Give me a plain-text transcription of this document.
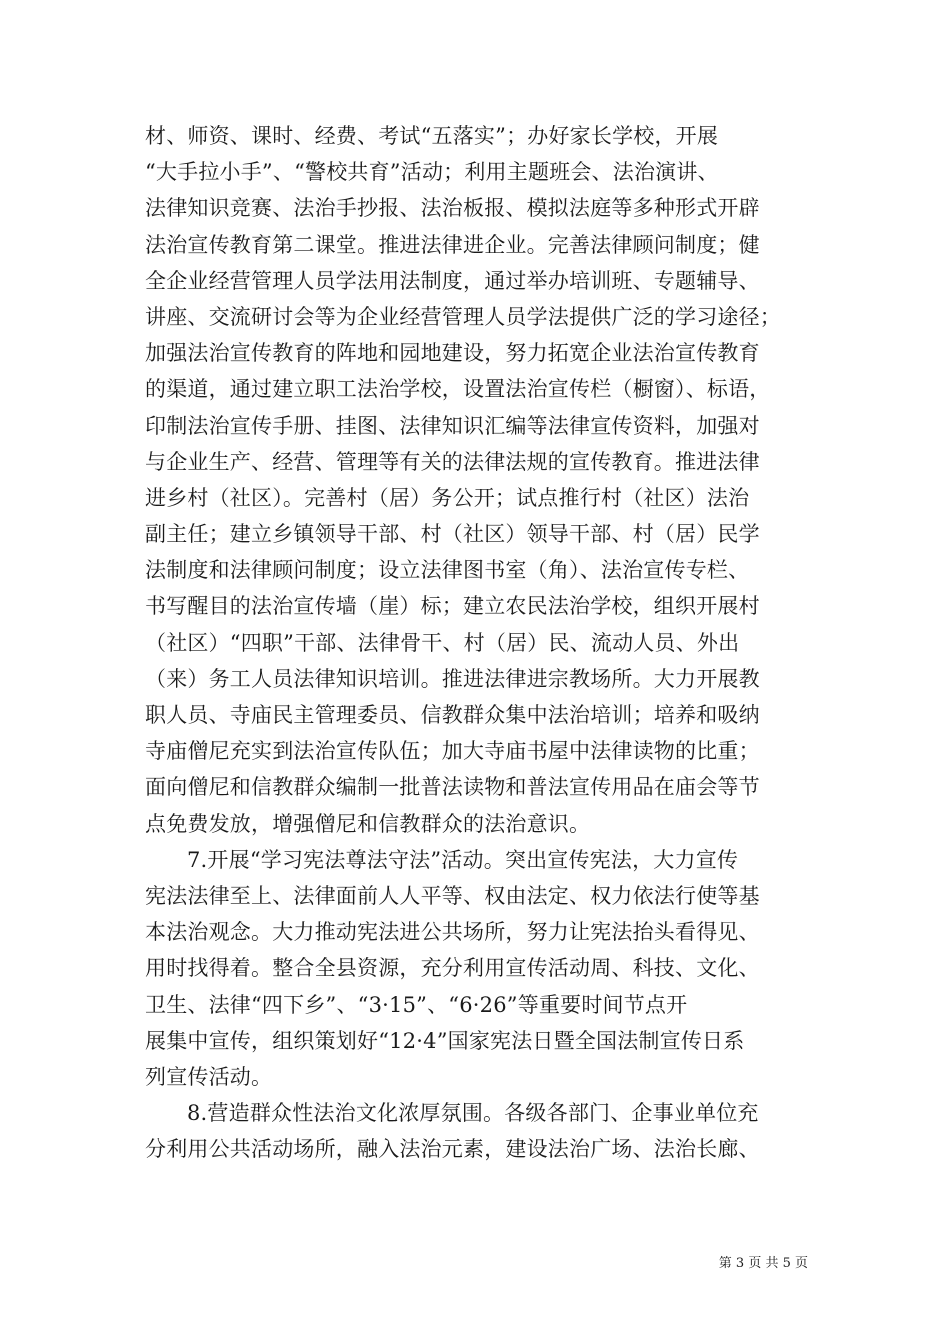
材、师资、课时、经费、考试“五落实”；办好家长学校，开展
“大手拉小手”、“警校共育”活动；利用主题班会、法治演讲、
法律知识竞赛、法治手抄报、法治板报、模拟法庭等多种形式开辟
法治宣传教育第二课堂。推进法律进企业。完善法律顾问制度；健
全企业经营管理人员学法用法制度，通过举办培训班、专题辅导、
讲座、交流研讨会等为企业经营管理人员学法提供广泛的学习途径；
加强法治宣传教育的阵地和园地建设，努力拓宽企业法治宣传教育
的渠道，通过建立职工法治学校，设置法治宣传栏（橱窗）、标语，
印制法治宣传手册、挂图、法律知识汇编等法律宣传资料，加强对
与企业生产、经营、管理等有关的法律法规的宣传教育。推进法律
进乡村（社区）。完善村（居）务公开；试点推行村（社区）法治
副主任；建立乡镇领导干部、村（社区）领导干部、村（居）民学
法制度和法律顾问制度；设立法律图书室（角）、法治宣传专栏、
书写醒目的法治宣传墙（崖）标；建立农民法治学校，组织开展村
（社区）“四职”干部、法律骨干、村（居）民、流动人员、外出
（来）务工人员法律知识培训。推进法律进宗教场所。大力开展教
职人员、寺庙民主管理委员、信教群众集中法治培训；培养和吸纳
寺庙僧尼充实到法治宣传队伍；加大寺庙书屋中法律读物的比重；
面向僧尼和信教群众编制一批普法读物和普法宣传用品在庙会等节
点免费发放，增强僧尼和信教群众的法治意识。
7.开展“学习宪法尊法守法”活动。突出宣传宪法，大力宣传
宪法法律至上、法律面前人人平等、权由法定、权力依法行使等基
本法治观念。大力推动宪法进公共场所，努力让宪法抬头看得见、
用时找得着。整合全县资源，充分利用宣传活动周、科技、文化、
卫生、法律“四下乡”、“3·15”、“6·26”等重要时间节点开
展集中宣传，组织策划好“12·4”国家宪法日暨全国法制宣传日系
列宣传活动。
8.营造群众性法治文化浓厚氛围。各级各部门、企事业单位充
分利用公共活动场所，融入法治元素，建设法治广场、法治长廊、
第 3 页 共 5 页
